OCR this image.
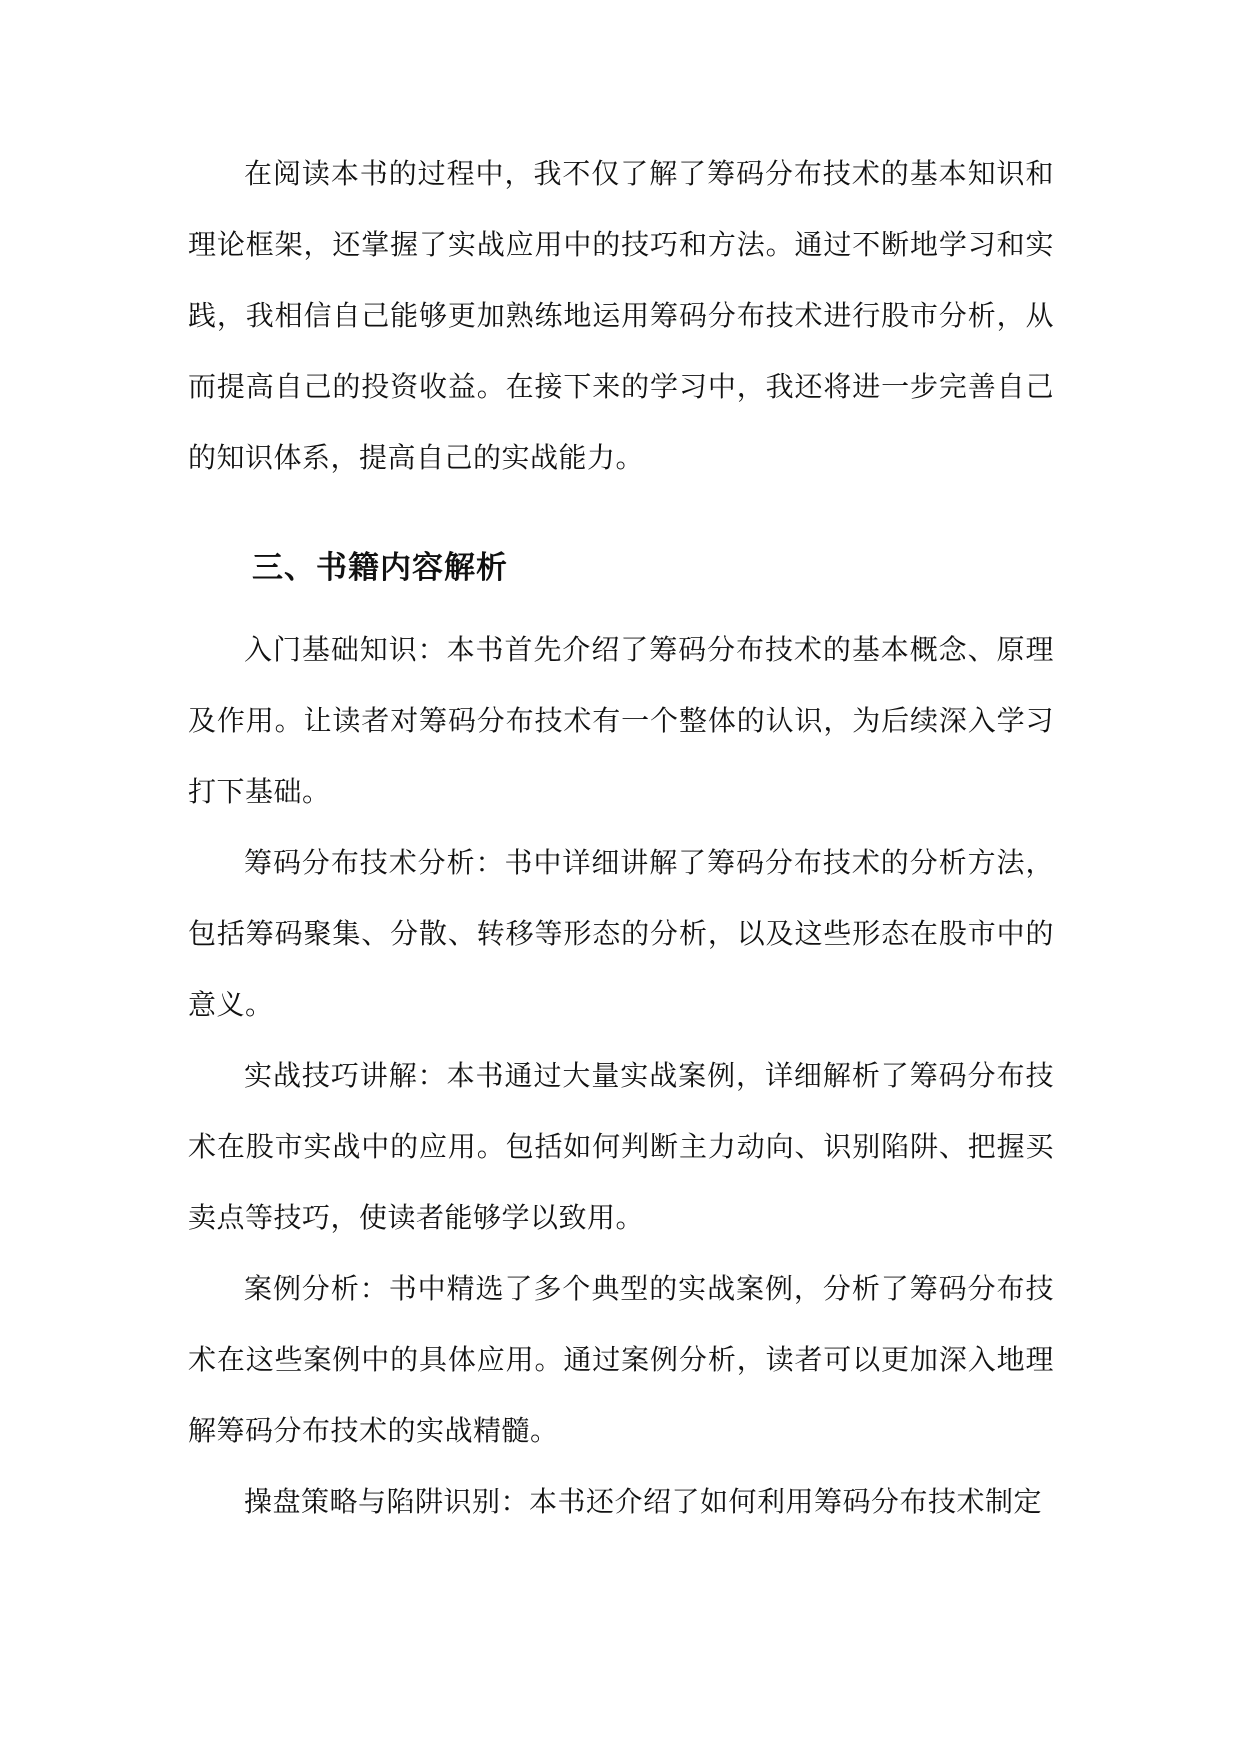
在阅读本书的过程中，我不仅了解了筹码分布技术的基本知识和理论框架，还掌握了实战应用中的技巧和方法。通过不断地学习和实践，我相信自己能够更加熟练地运用筹码分布技术进行股市分析，从而提高自己的投资收益。在接下来的学习中，我还将进一步完善自己的知识体系，提高自己的实战能力。

三、书籍内容解析

入门基础知识：本书首先介绍了筹码分布技术的基本概念、原理及作用。让读者对筹码分布技术有一个整体的认识，为后续深入学习打下基础。

筹码分布技术分析：书中详细讲解了筹码分布技术的分析方法，包括筹码聚集、分散、转移等形态的分析，以及这些形态在股市中的意义。

实战技巧讲解：本书通过大量实战案例，详细解析了筹码分布技术在股市实战中的应用。包括如何判断主力动向、识别陷阱、把握买卖点等技巧，使读者能够学以致用。

案例分析：书中精选了多个典型的实战案例，分析了筹码分布技术在这些案例中的具体应用。通过案例分析，读者可以更加深入地理解筹码分布技术的实战精髓。

操盘策略与陷阱识别：本书还介绍了如何利用筹码分布技术制定
